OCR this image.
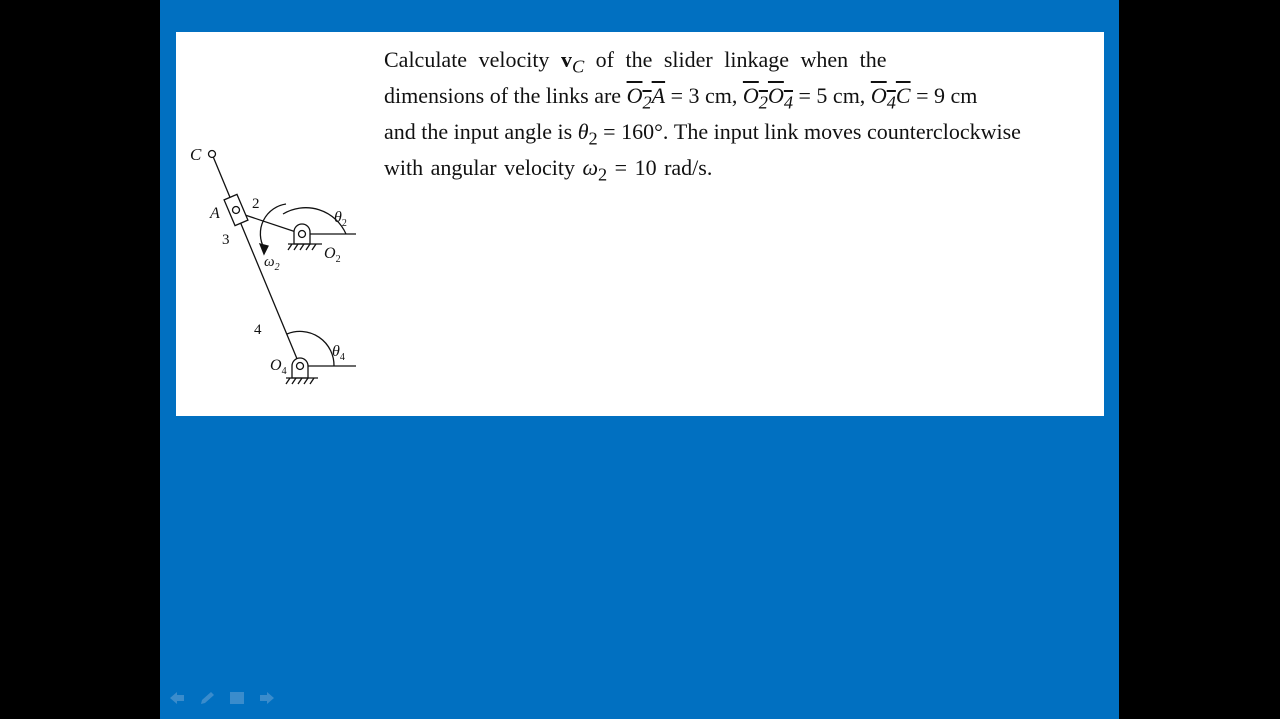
Calculate velocity $v_C$ of the slider linkage when the
dimensions of the links are $O_2A = 3$ cm, $O_2O_4 = 5$ cm, $O_4C = 9$ cm
and the input angle is $\theta_2 = 160^\circ$. The input link moves counterclockwise
with angular velocity $\omega_2 = 10$ rad/s.
C
A
2
3
4
$\omega_2$
$\theta_2$
$O_2$
$\theta_4$
$O_4$
